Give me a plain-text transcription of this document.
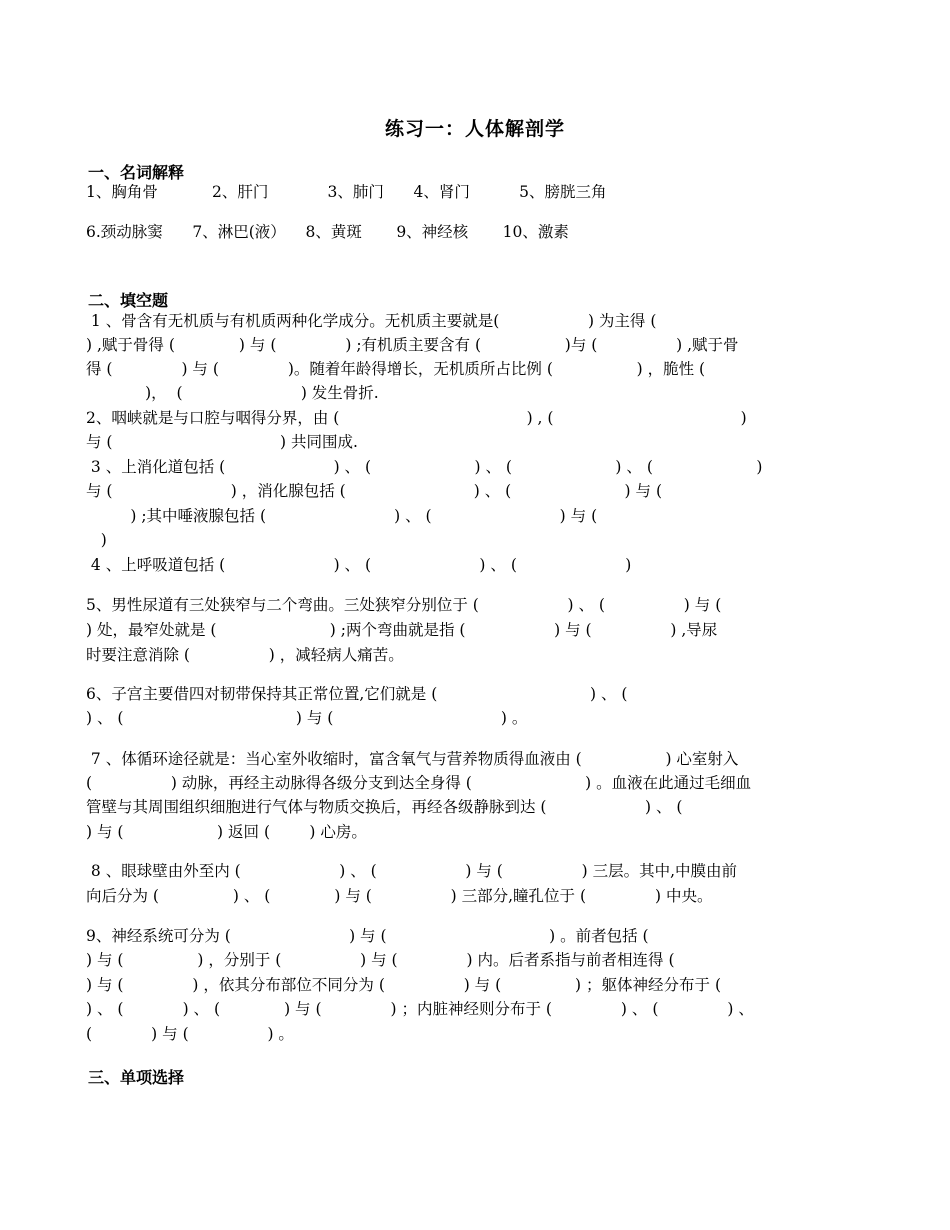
练习一：人体解剖学
一、名词解释
1、胸角骨           2、肝门            3、肺门      4、肾门          5、膀胱三角
6.颈动脉窦      7、淋巴(液）    8、黄斑       9、神经核       10、激素
二、填空题
1 、骨含有无机质与有机质两种化学成分。无机质主要就是(                  ) 为主得 (
) ,赋于骨得 (             ) 与 (              ) ;有机质主要含有 (                 )与 (                ) ,赋于骨
得 (              ) 与 (              )。随着年龄得增长，无机质所占比例 (                 ) ，脆性 (
)，  (                        ) 发生骨折.
2、咽峡就是与口腔与咽得分界，由 (                                      ) , (                                      )
与 (                                  ) 共同围成.
3 、上消化道包括 (                      ) 、 (                     ) 、 (                     ) 、 (                     )
与 (                        ) ，消化腺包括 (                          ) 、 (                       ) 与 (
) ;其中唾液腺包括 (                          ) 、 (                          ) 与 (
)
4 、上呼吸道包括 (                      ) 、 (                      ) 、 (                      )
5、男性尿道有三处狭窄与二个弯曲。三处狭窄分别位于 (                  ) 、 (                ) 与 (
) 处，最窄处就是 (                       ) ;两个弯曲就是指 (                  ) 与 (                ) ,导尿
时要注意消除 (                ) ，减轻病人痛苦。
6、子宫主要借四对韧带保持其正常位置,它们就是 (                               ) 、 (
) 、 (                                   ) 与 (                                  ) 。
7 、体循环途径就是：当心室外收缩时，富含氧气与营养物质得血液由 (                 ) 心室射入
(                ) 动脉，再经主动脉得各级分支到达全身得 (                       ) 。血液在此通过毛细血
管壁与其周围组织细胞进行气体与物质交换后，再经各级静脉到达 (                    ) 、 (
) 与 (                   ) 返回 (        ) 心房。
8 、眼球壁由外至内 (                    ) 、 (                  ) 与 (                ) 三层。其中,中膜由前
向后分为 (               ) 、 (             ) 与 (                ) 三部分,瞳孔位于 (              ) 中央。
9、神经系统可分为 (                        ) 与 (                                 ) 。前者包括 (
) 与 (               ) ，分别于 (                ) 与 (              ) 内。后者系指与前者相连得 (
) 与 (              ) ，依其分布部位不同分为 (                ) 与 (               ) ；躯体神经分布于 (
) 、 (            ) 、 (             ) 与 (              ) ；内脏神经则分布于 (              ) 、 (              ) 、
(            ) 与 (                ) 。
三、单项选择
